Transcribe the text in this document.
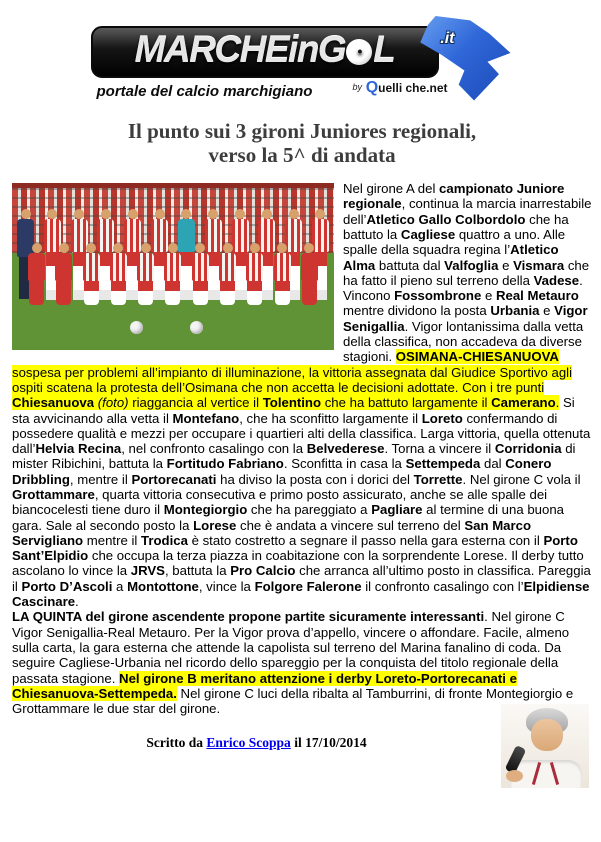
.it
MARCHEinG ● L
portale del calcio marchigiano	$^{by}$ Quelli che.net
Il punto sui 3 gironi Juniores regionali,
verso la 5^ di andata

Nel girone A del campionato Juniore regionale, continua la marcia inarrestabile dell’Atletico Gallo Colbordolo che ha battuto la Cagliese quattro a uno. Alle spalle della squadra regina l’Atletico Alma battuta dal Valfoglia e Vismara che ha fatto il pieno sul terreno della Vadese. Vincono Fossombrone e Real Metauro mentre dividono la posta Urbania e Vigor Senigallia. Vigor lontanissima dalla vetta della classifica, non accadeva da diverse stagioni. OSIMANA-CHIESANUOVA sospesa per problemi all’impianto di illuminazione, la vittoria assegnata dal Giudice Sportivo agli ospiti scatena la protesta dell’Osimana che non accetta le decisioni adottate. Con i tre punti Chiesanuova (foto) riaggancia al vertice il Tolentino che ha battuto largamente il Camerano. Si sta avvicinando alla vetta il Montefano, che ha sconfitto largamente il Loreto confermando di possedere qualità e mezzi per occupare i quartieri alti della classifica. Larga vittoria, quella ottenuta dall’Helvia Recina, nel confronto casalingo con la Belvederese. Torna a vincere il Corridonia di mister Ribichini, battuta la Fortitudo Fabriano. Sconfitta in casa la Settempeda dal Conero Dribbling, mentre il Portorecanati ha diviso la posta con i dorici del Torrette. Nel girone C vola il Grottammare, quarta vittoria consecutiva e primo posto assicurato, anche se alle spalle dei biancocelesti tiene duro il Montegiorgio che ha pareggiato a Pagliare al termine di una buona gara. Sale al secondo posto la Lorese che è andata a vincere sul terreno del San Marco Servigliano mentre il Trodica è stato costretto a segnare il passo nella gara esterna con il Porto Sant’Elpidio che occupa la terza piazza in coabitazione con la sorprendente Lorese. Il derby tutto ascolano lo vince la JRVS, battuta la Pro Calcio che arranca all’ultimo posto in classifica. Pareggia il Porto D’Ascoli a Montottone, vince la Folgore Falerone il confronto casalingo con l’Elpidiense Cascinare.

LA QUINTA del girone ascendente propone partite sicuramente interessanti. Nel girone C Vigor Senigallia-Real Metauro. Per la Vigor prova d’appello, vincere o affondare. Facile, almeno sulla carta, la gara esterna che attende la capolista sul terreno del Marina fanalino di coda. Da seguire Cagliese-Urbania nel ricordo dello spareggio per la conquista del titolo regionale della passata stagione. Nel girone B meritano attenzione i derby Loreto-Portorecanati e Chiesanuova-Settempeda. Nel girone C luci della ribalta al Tamburrini, di fronte Montegiorgio e Grottammare le due star del girone.

Scritto da Enrico Scoppa il 17/10/2014
